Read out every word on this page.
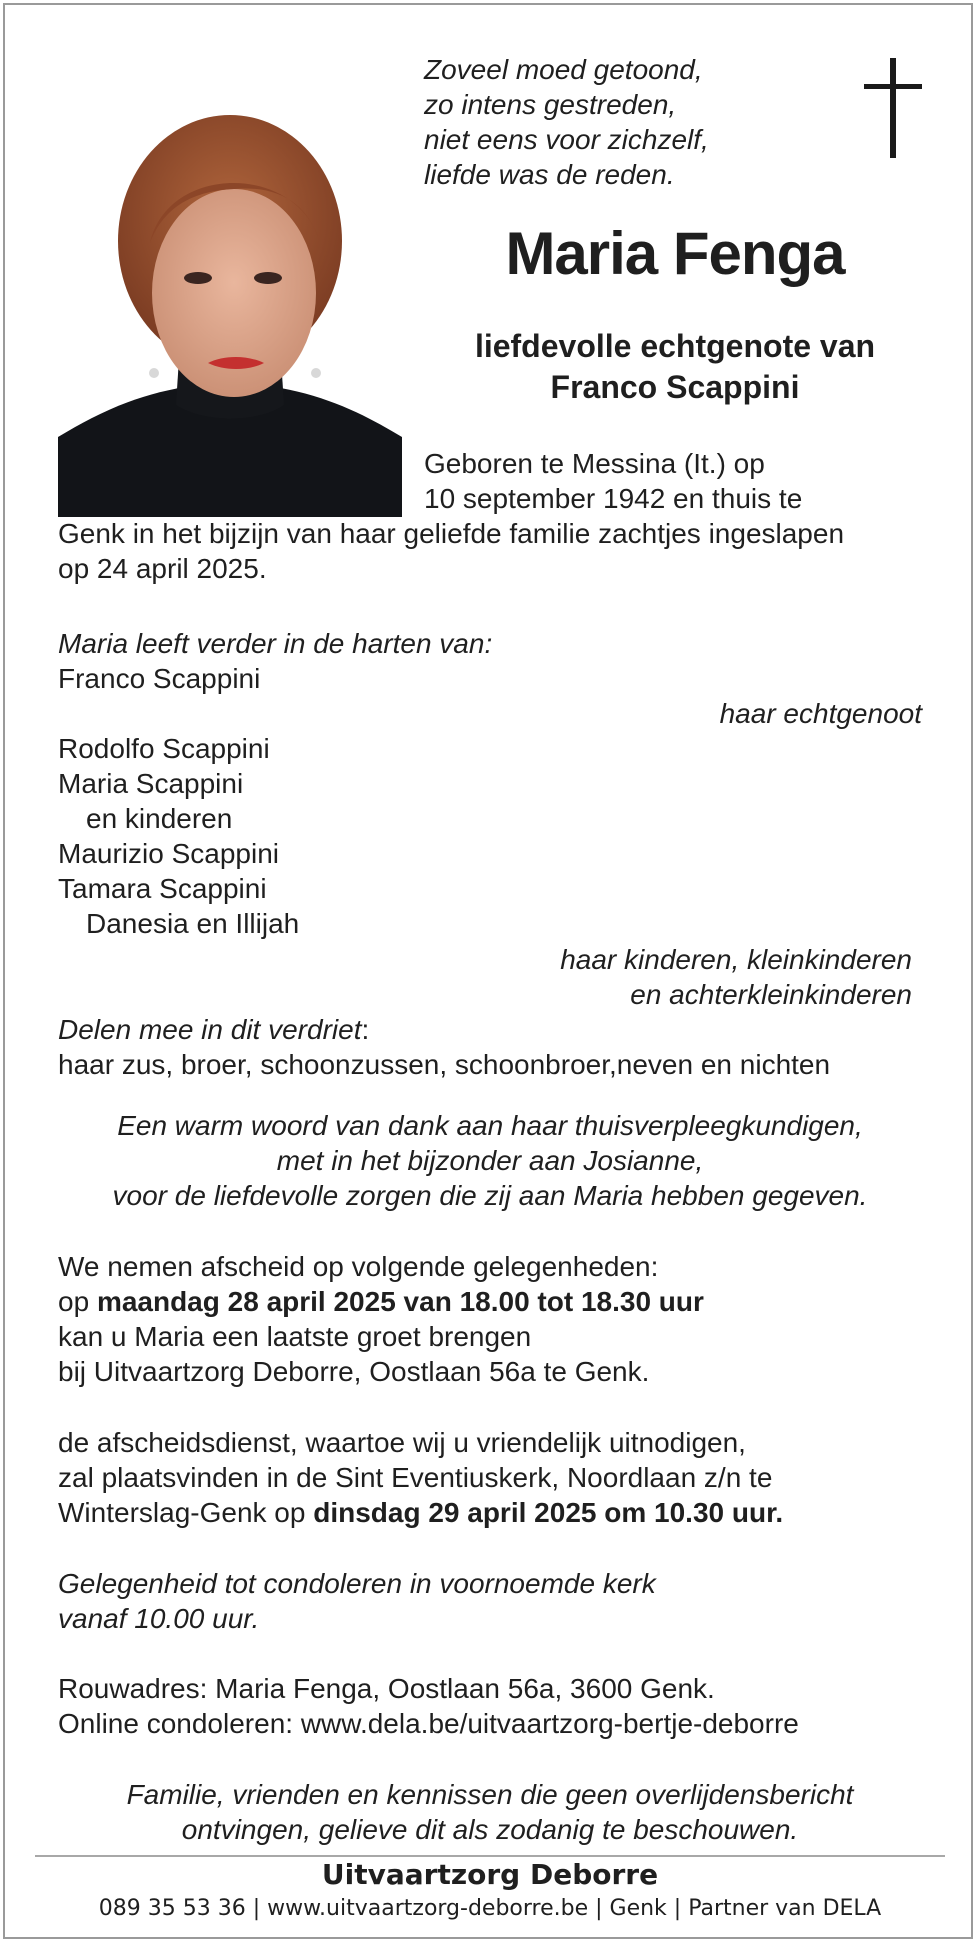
Zoveel moed getoond,
zo intens gestreden,
niet eens voor zichzelf,
liefde was de reden.
Maria Fenga
liefdevolle echtgenote van
Franco Scappini
Geboren te Messina (It.) op
10 september 1942 en thuis te
Genk in het bijzijn van haar geliefde familie zachtjes ingeslapen
op 24 april 2025.
Maria leeft verder in de harten van:
Franco Scappini
haar echtgenoot
Rodolfo Scappini
Maria Scappini
en kinderen
Maurizio Scappini
Tamara Scappini
Danesia en Illijah
haar kinderen, kleinkinderen
en achterkleinkinderen
Delen mee in dit verdriet:
haar zus, broer, schoonzussen, schoonbroer,neven en nichten
Een warm woord van dank aan haar thuisverpleegkundigen,
met in het bijzonder aan Josianne,
voor de liefdevolle zorgen die zij aan Maria hebben gegeven.
We nemen afscheid op volgende gelegenheden:
op maandag 28 april 2025 van 18.00 tot 18.30 uur
kan u Maria een laatste groet brengen
bij Uitvaartzorg Deborre, Oostlaan 56a te Genk.
de afscheidsdienst, waartoe wij u vriendelijk uitnodigen,
zal plaatsvinden in de Sint Eventiuskerk, Noordlaan z/n te
Winterslag-Genk op dinsdag 29 april 2025 om 10.30 uur.
Gelegenheid tot condoleren in voornoemde kerk
vanaf 10.00 uur.
Rouwadres: Maria Fenga, Oostlaan 56a, 3600 Genk.
Online condoleren: www.dela.be/uitvaartzorg-bertje-deborre
Familie, vrienden en kennissen die geen overlijdensbericht
ontvingen, gelieve dit als zodanig te beschouwen.
Uitvaartzorg Deborre
089 35 53 36 | www.uitvaartzorg-deborre.be | Genk | Partner van DELA
